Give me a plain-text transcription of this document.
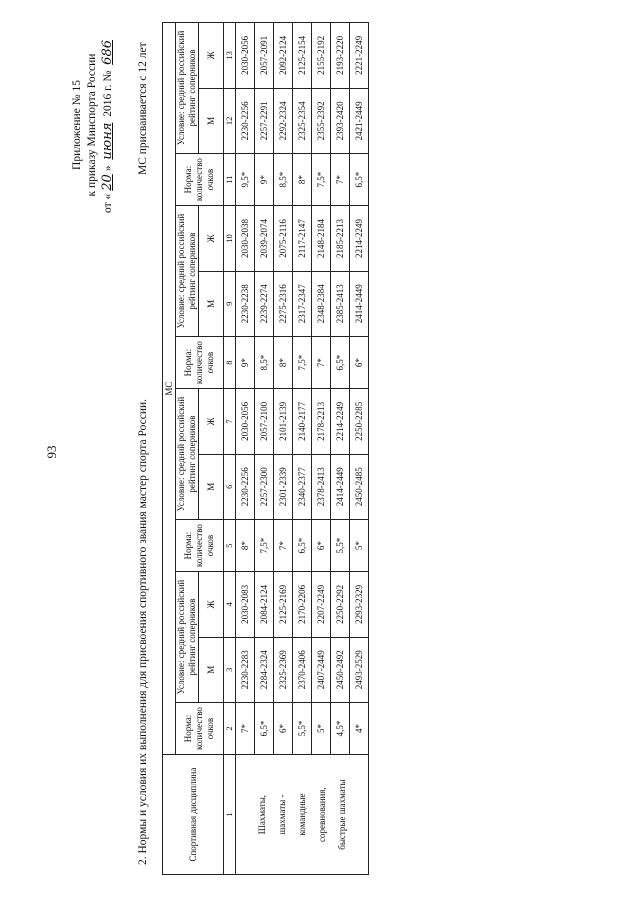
93
Приложение № 15 к приказу Минспорта России
от «20» июня 2016 г. № 686
2. Нормы и условия их выполнения для присвоения спортивного звания мастер спорта России.
МС присваивается с 12 лет
Спортивная дисциплина	МС											
	Норма: количество очков	Условие: средний российский рейтинг соперников		Норма: количество очков	Условие: средний российский рейтинг соперников		Норма: количество очков	Условие: средний российский рейтинг соперников		Норма: количество очков	Условие: средний российский рейтинг соперников	
		М	Ж		М	Ж		М	Ж		М	Ж
1	2	3	4	5	6	7	8	9	10	11	12	13

Шахматы, шахматы - командные соревнования, быстрые шахматы	7*	2230-2283	2030-2083	8*	2230-2256	2030-2056	9*	2230-2238	2030-2038	9,5*	2230-2256	2030-2056
	6,5*	2284-2324	2084-2124	7,5*	2257-2300	2057-2100	8,5*	2239-2274	2039-2074	9*	2257-2291	2057-2091
	6*	2325-2369	2125-2169	7*	2301-2339	2101-2139	8*	2275-2316	2075-2116	8,5*	2292-2324	2092-2124
	5,5*	2370-2406	2170-2206	6,5*	2340-2377	2140-2177	7,5*	2317-2347	2117-2147	8*	2325-2354	2125-2154
	5*	2407-2449	2207-2249	6*	2378-2413	2178-2213	7*	2348-2384	2148-2184	7,5*	2355-2392	2155-2192
	4,5*	2450-2492	2250-2292	5,5*	2414-2449	2214-2249	6,5*	2385-2413	2185-2213	7*	2393-2420	2193-2220
	4*	2493-2529	2293-2329	5*	2450-2485	2250-2285	6*	2414-2449	2214-2249	6,5*	2421-2449	2221-2249
